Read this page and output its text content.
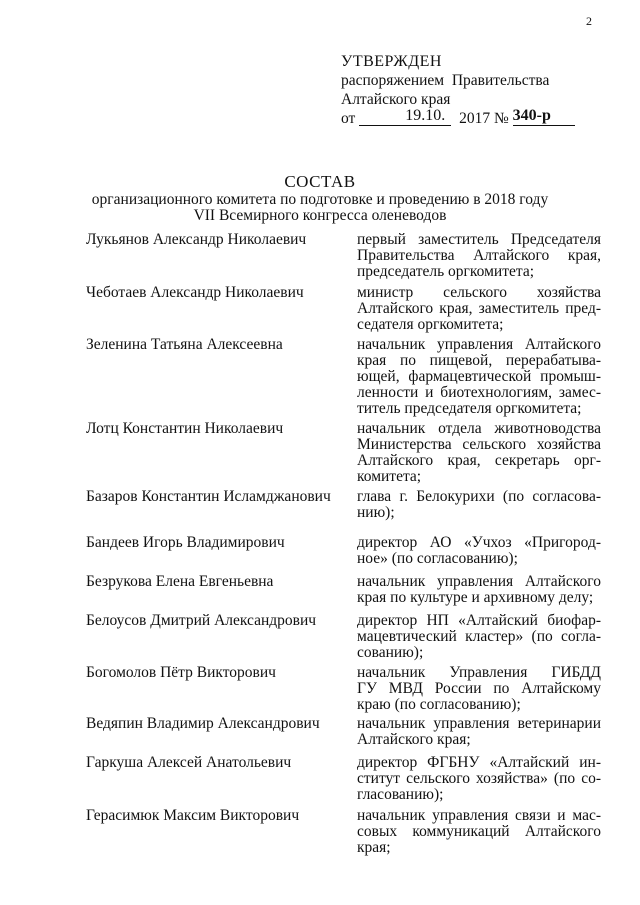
2
УТВЕРЖДЕН
распоряжением  Правительства
Алтайского края
от	19.10. 2017 № 340-р
СОСТАВ
организационного комитета по подготовке и проведению в 2018 году
VII Всемирного конгресса оленеводов
Лукьянов Александр Николаевич	первый заместитель Председателя
Правительства Алтайского края,
председатель оргкомитета;
Чеботаев Александр Николаевич	министр сельского хозяйства
Алтайского края, заместитель пред-
седателя оргкомитета;
Зеленина Татьяна Алексеевна	начальник управления Алтайского
края по пищевой, перерабатыва-
ющей, фармацевтической промыш-
ленности и биотехнологиям, замес-
титель председателя оргкомитета;
Лотц Константин Николаевич	начальник отдела животноводства
Министерства сельского хозяйства
Алтайского края, секретарь орг-
комитета;
Базаров Константин Исламджанович глава г. Белокурихи (по согласова-
нию);
Бандеев Игорь Владимирович	директор АО «Учхоз «Пригород-
ное» (по согласованию);
Безрукова Елена Евгеньевна	начальник управления Алтайского
края по культуре и архивному делу;
Белоусов Дмитрий Александрович	директор НП «Алтайский биофар-
мацевтический кластер» (по согла-
сованию);
Богомолов Пётр Викторович	начальник Управления ГИБДД
ГУ МВД России по Алтайскому
краю (по согласованию);
Ведяпин Владимир Александрович начальник управления ветеринарии
Алтайского края;
Гаркуша Алексей Анатольевич	директор ФГБНУ «Алтайский ин-
ститут сельского хозяйства» (по со-
гласованию);
Герасимюк Максим Викторович	начальник управления связи и мас-
совых коммуникаций Алтайского
края;
